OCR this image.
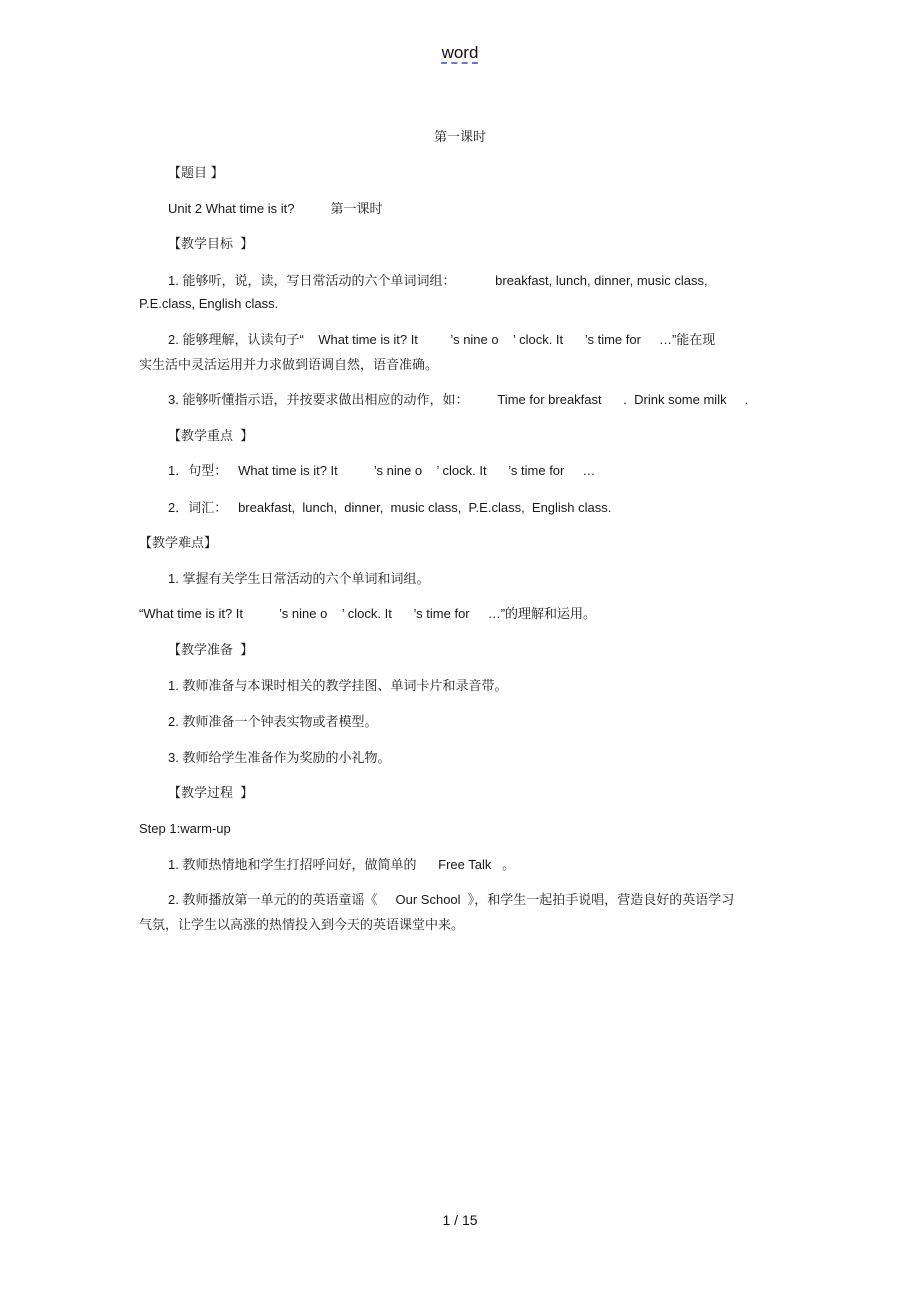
word
第一课时
【题目 】
Unit 2 What time is it?          第一课时
【教学目标  】
1. 能够听，说，读，写日常活动的六个单词词组：           breakfast, lunch, dinner, music class,
P.E.class, English class.
2. 能够理解，认读句子“    What time is it? It         ’s nine o    ’ clock. It      ’s time for     …”能在现
实生活中灵活运用并力求做到语调自然，语音准确。
3. 能够听懂指示语，并按要求做出相应的动作，如：        Time for breakfast      .  Drink some milk     .
【教学重点  】
1．句型：   What time is it? It          ’s nine o    ’ clock. It      ’s time for     …
2．词汇：   breakfast,  lunch,  dinner,  music class,  P.E.class,  English class.
【教学难点】
1. 掌握有关学生日常活动的六个单词和词组。
“What time is it? It          ’s nine o    ’ clock. It      ’s time for     …”的理解和运用。
【教学准备  】
1. 教师准备与本课时相关的教学挂图、单词卡片和录音带。
2. 教师准备一个钟表实物或者模型。
3. 教师给学生准备作为奖励的小礼物。
【教学过程  】
Step 1:warm-up
1. 教师热情地和学生打招呼问好，做简单的      Free Talk   。
2. 教师播放第一单元的的英语童谣《     Our School  》，和学生一起拍手说唱，营造良好的英语学习
气氛，让学生以高涨的热情投入到今天的英语课堂中来。
1 / 15
